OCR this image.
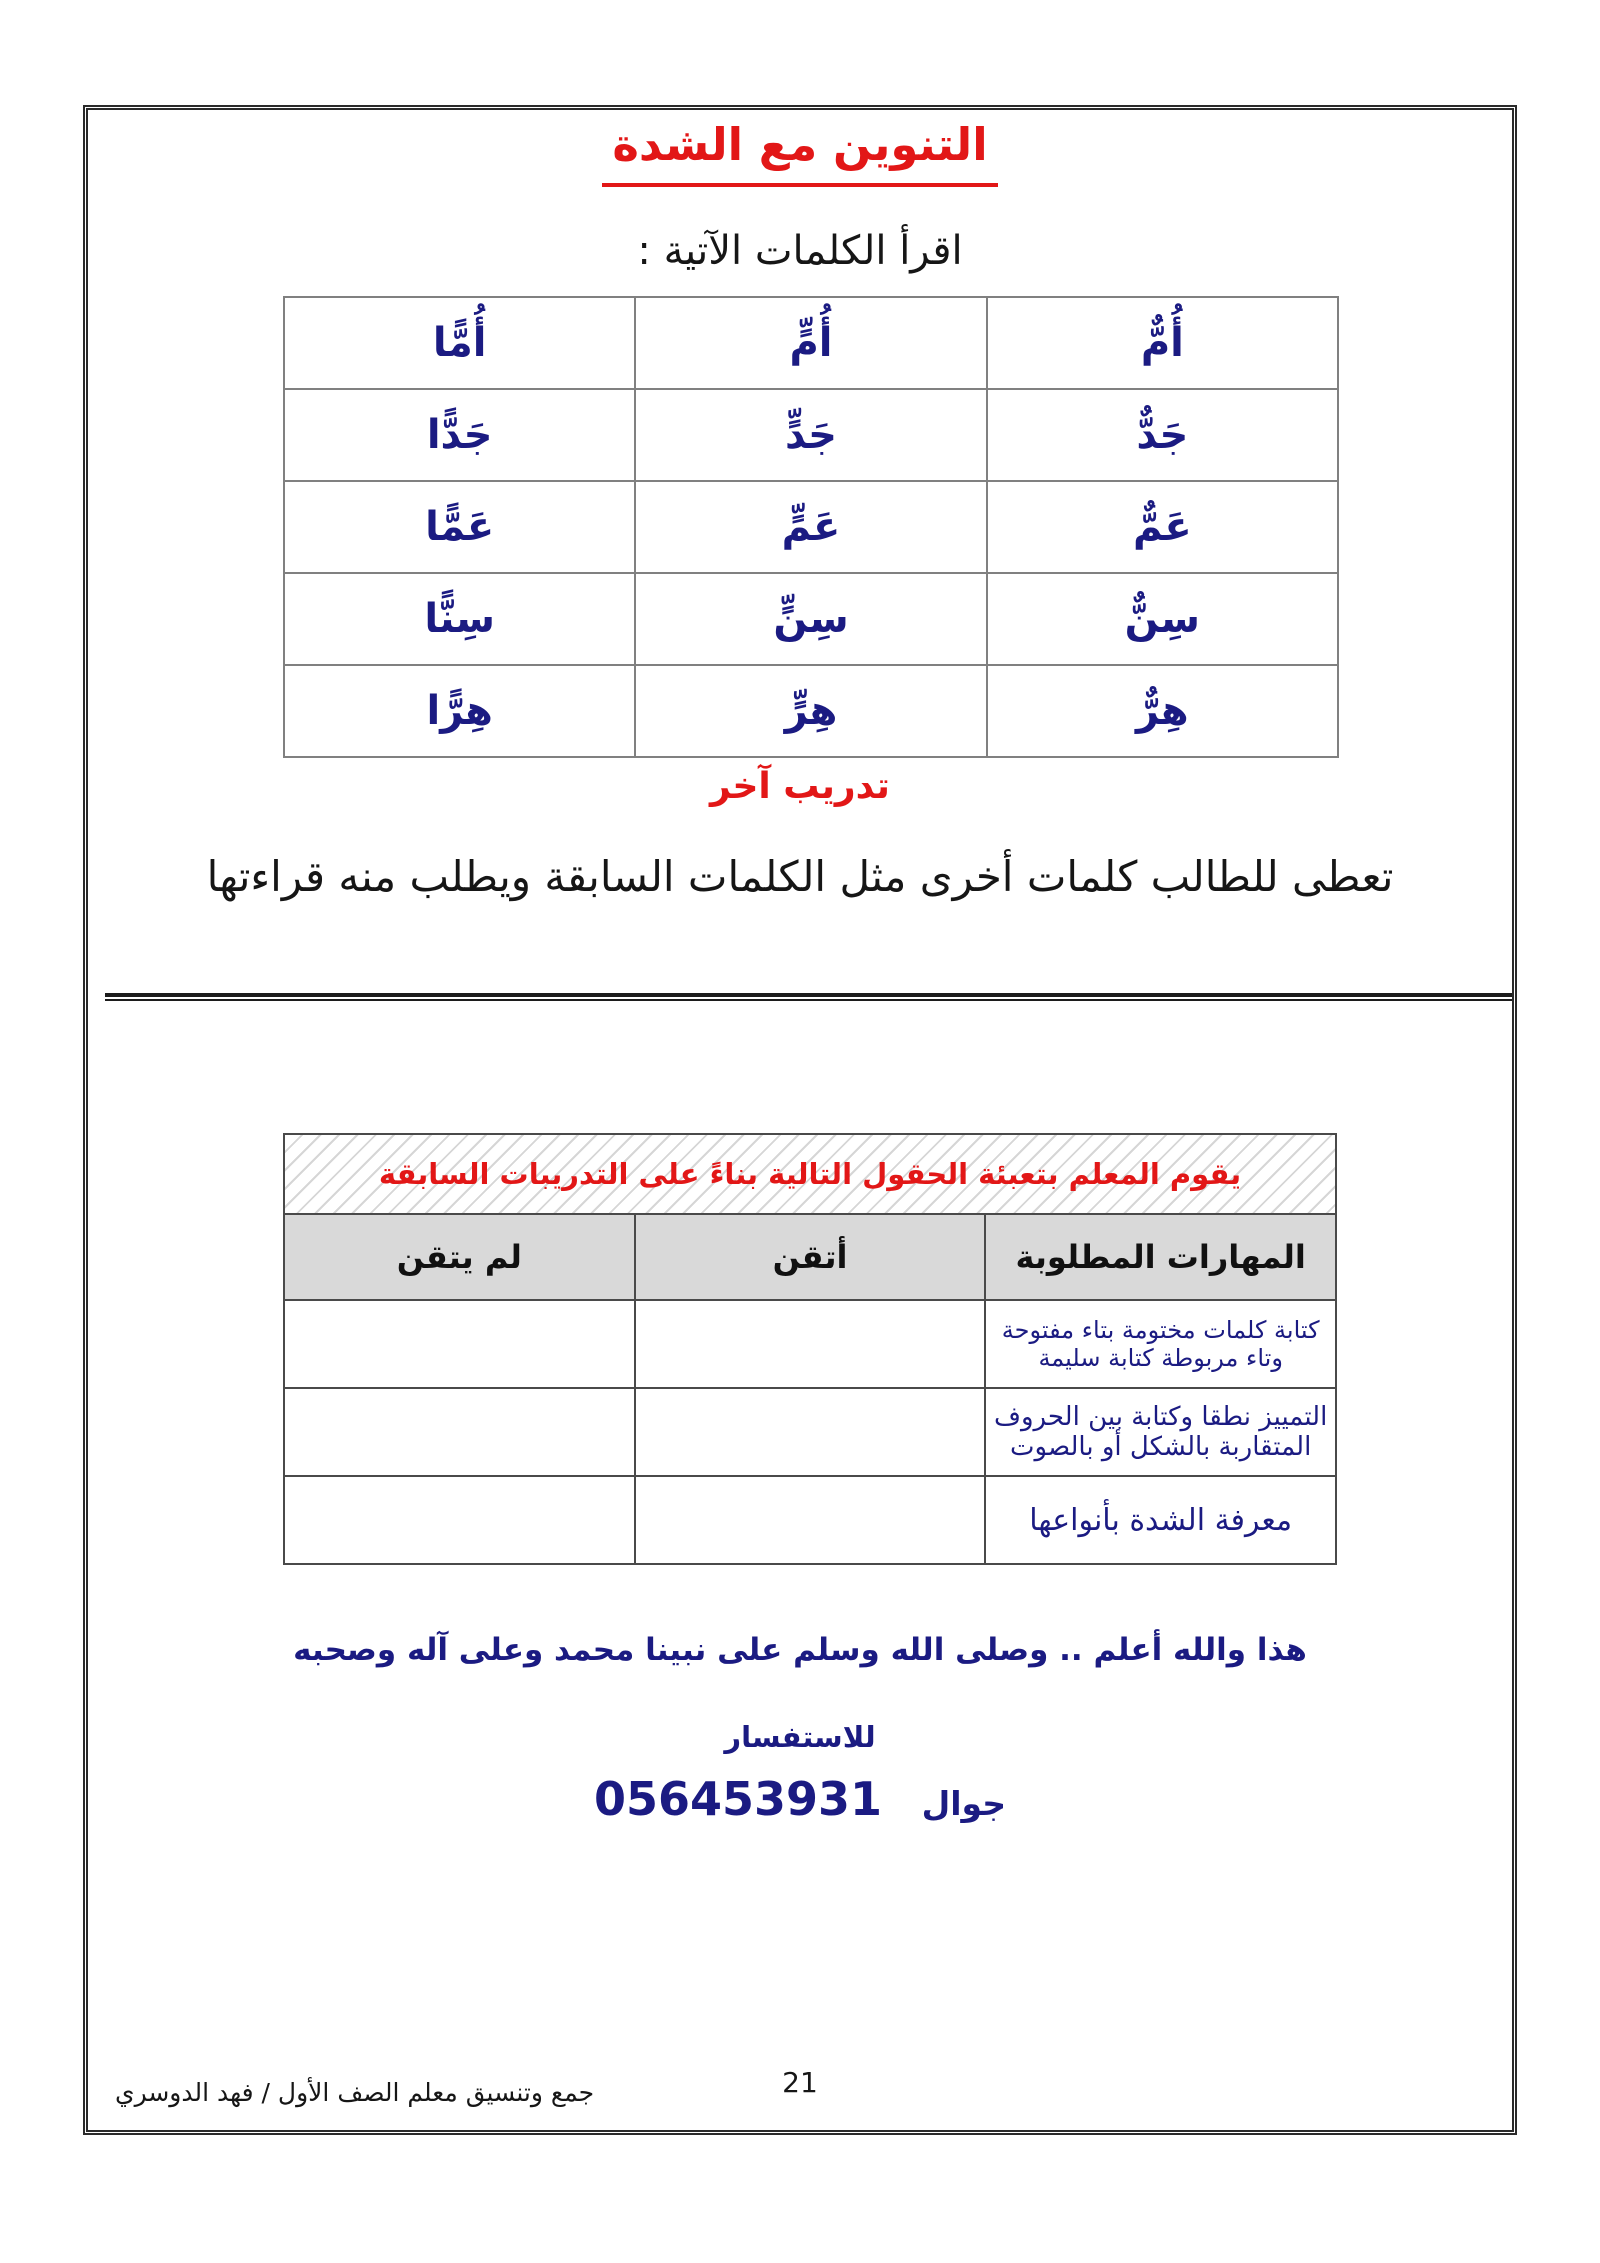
التنوين مع الشدة
اقرأ الكلمات الآتية :
أُمٌّ	أُمٍّ	أُمًّا
جَدٌّ	جَدٍّ	جَدًّا
عَمٌّ	عَمٍّ	عَمًّا
سِنٌّ	سِنٍّ	سِنًّا
هِرٌّ	هِرٍّ	هِرًّا
تدريب آخر
تعطى للطالب كلمات أخرى مثل الكلمات السابقة ويطلب منه قراءتها
يقوم المعلم بتعبئة الحقول التالية بناءً على التدريبات السابقة		
المهارات المطلوبة	أتقن	لم يتقن
كتابة كلمات مختومة بتاء مفتوحة وتاء مربوطة كتابة سليمة		
التمييز نطقا وكتابة بين الحروف المتقاربة بالشكل أو بالصوت		
معرفة الشدة بأنواعها		
هذا والله أعلم .. وصلى الله وسلم على نبينا محمد وعلى آله وصحبه
للاستفسار
جوال 056453931
جمع وتنسيق معلم الصف الأول / فهد الدوسري	21
